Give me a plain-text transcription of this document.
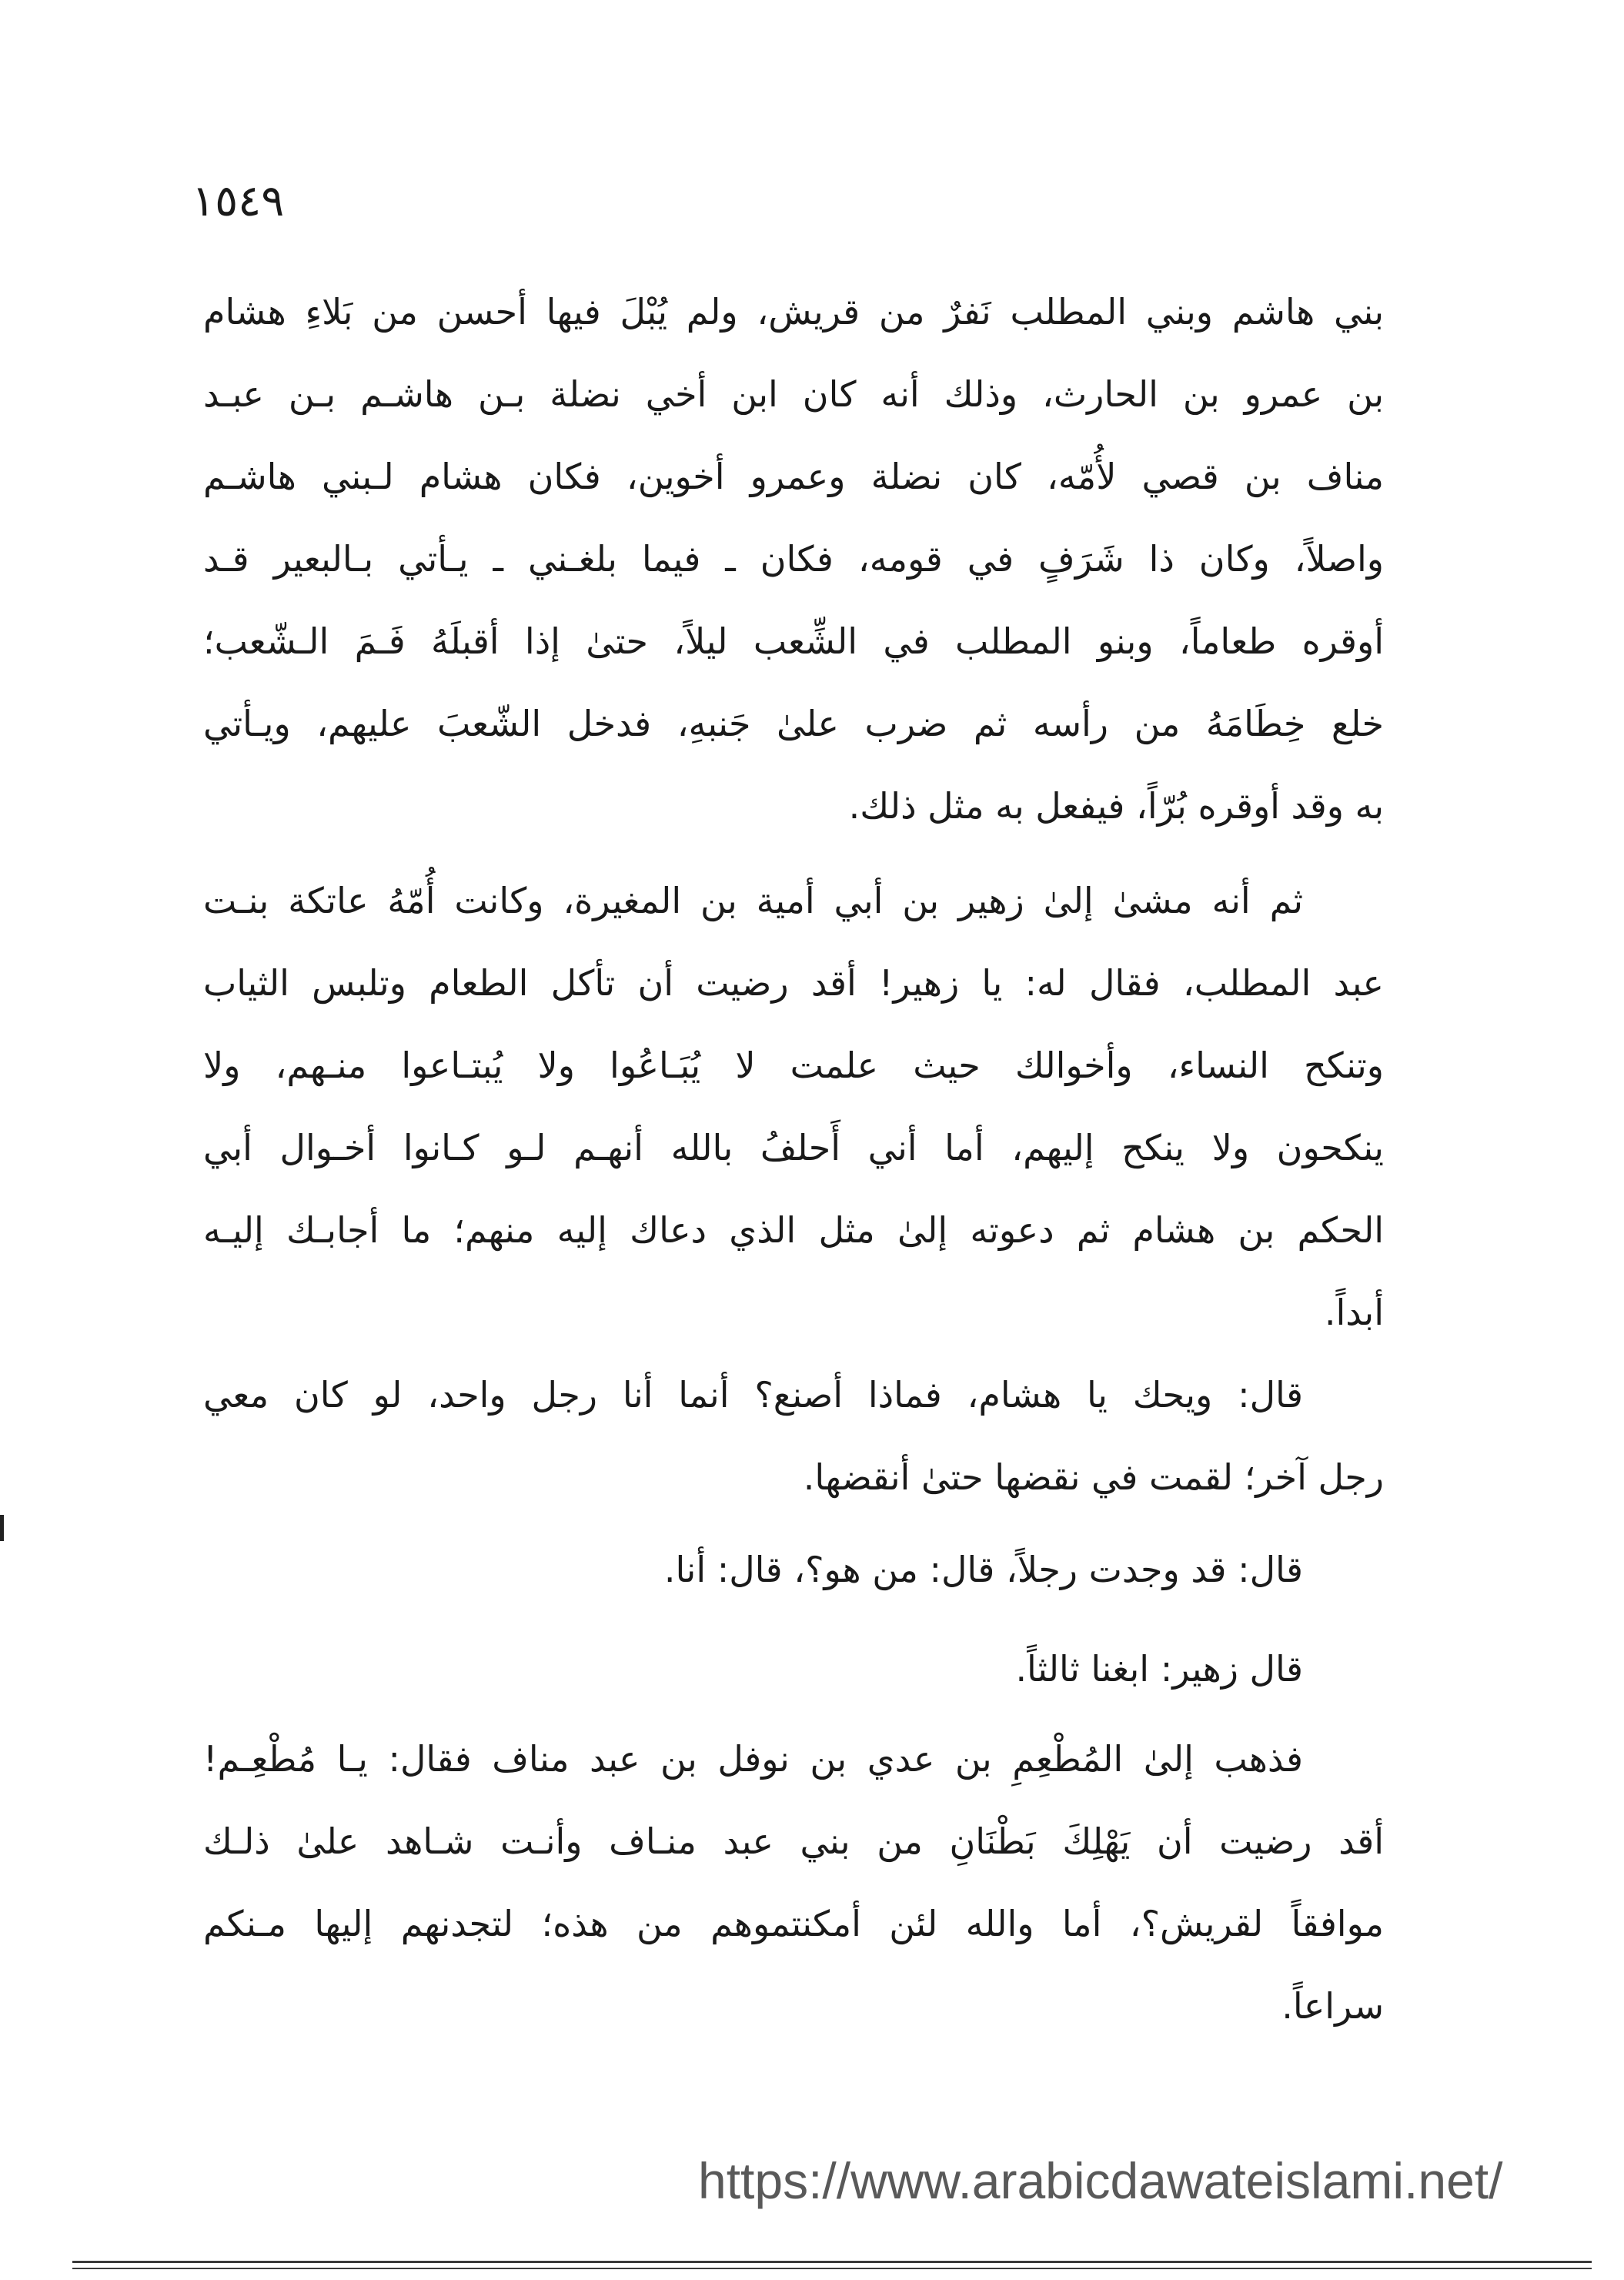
١٥٤٩
بني هاشم وبني المطلب نَفرٌ من قريش، ولم يُبْلَ فيها أحسن من بَلاءِ هشام
بن عمرو بن الحارث، وذلك أنه كان ابن أخي نضلة بـن هاشـم بـن عبـد
مناف بن قصي لأُمّه، كان نضلة وعمرو أخوين، فكان هشام لـبني هاشـم
واصلاً، وكان ذا شَرَفٍ في قومه، فكان ـ فيما بلغـني ـ يـأتي بـالبعير قـد
أوقره طعاماً، وبنو المطلب في الشِّعب ليلاً، حتىٰ إذا أقبلَهُ فَـمَ الـشّعب؛
خلع خِطَامَهُ من رأسه ثم ضرب علىٰ جَنبهِ، فدخل الشّعبَ عليهم، ويـأتي
به وقد أوقره بُرّاً، فيفعل به مثل ذلك.
ثم أنه مشىٰ إلىٰ زهير بن أبي أمية بن المغيرة، وكانت أُمّهُ عاتكة بنـت
عبد المطلب، فقال له: يا زهير! أقد رضيت أن تأكل الطعام وتلبس الثياب
وتنكح النساء، وأخوالك حيث علمت لا يُبَـاعُوا ولا يُبتـاعوا منـهم، ولا
ينكحون ولا ينكح إليهم، أما أني أَحلفُ بالله أنهـم لـو كـانوا أخـوال أبي
الحكم بن هشام ثم دعوته إلىٰ مثل الذي دعاك إليه منهم؛ ما أجابـك إليـه
أبداً.
قال: ويحك يا هشام، فماذا أصنع؟ أنما أنا رجل واحد، لو كان معي
رجل آخر؛ لقمت في نقضها حتىٰ أنقضها.
قال: قد وجدت رجلاً، قال: من هو؟، قال: أنا.
قال زهير: ابغنا ثالثاً.
فذهب إلىٰ المُطْعِمِ بن عدي بن نوفل بن عبد مناف فقال: يـا مُطْعِـم!
أقد رضيت أن يَهْلِكَ بَطْنَانِ من بني عبد منـاف وأنـت شـاهد علىٰ ذلـك
موافقاً لقريش؟، أما والله لئن أمكنتموهم من هذه؛ لتجدنهم إليها مـنكم
سراعاً.
https://www.arabicdawateislami.net/
